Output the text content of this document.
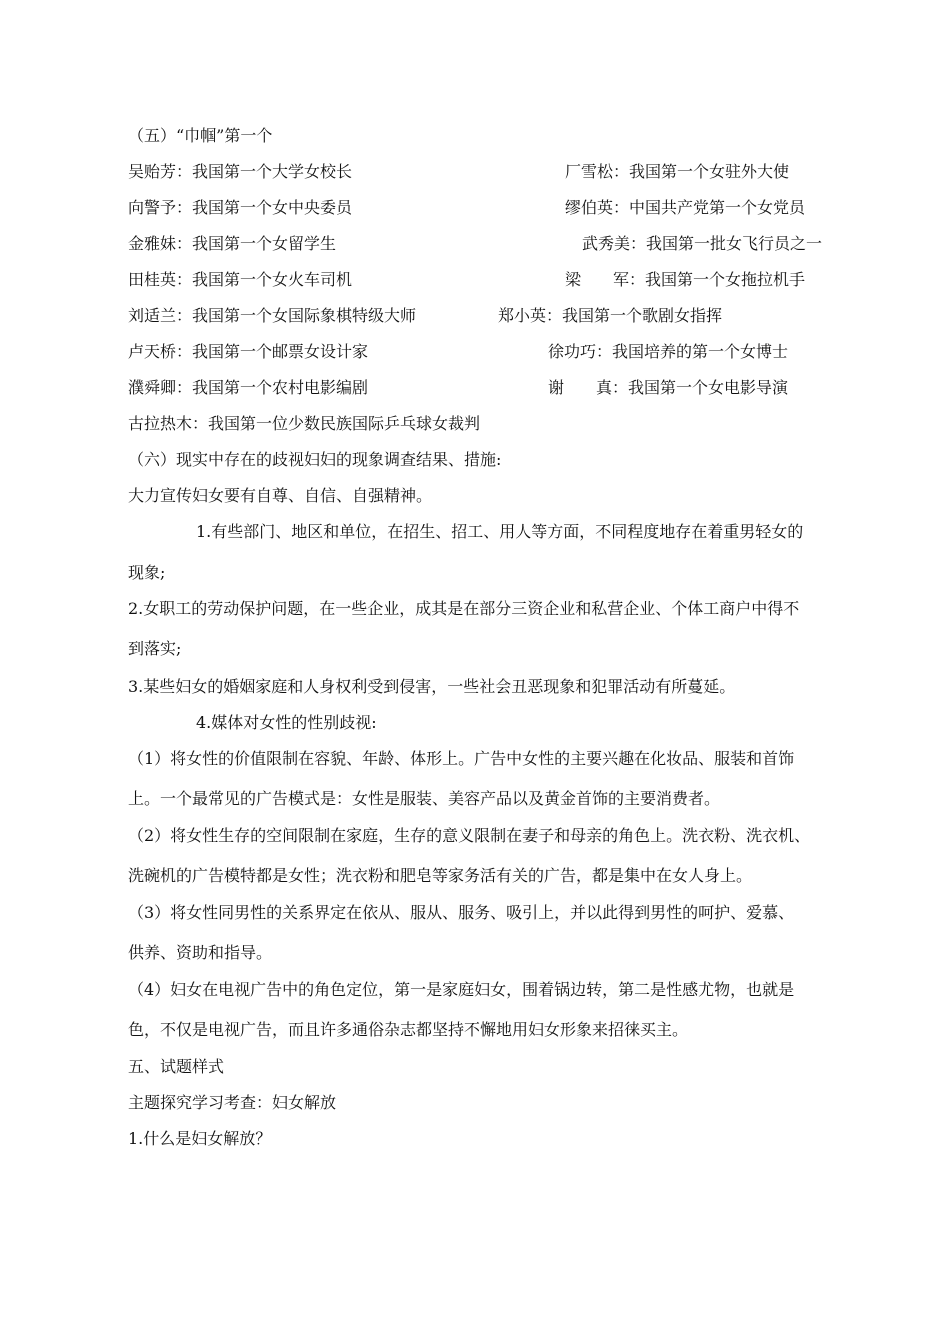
（五）“巾帼”第一个
吴贻芳：我国第一个大学女校长	厂雪松：我国第一个女驻外大使
向警予：我国第一个女中央委员	缪伯英：中国共产党第一个女党员
金雅妹：我国第一个女留学生	武秀美：我国第一批女飞行员之一
田桂英：我国第一个女火车司机	梁　　军：我国第一个女拖拉机手
刘适兰：我国第一个女国际象棋特级大师	郑小英：我国第一个歌剧女指挥
卢天桥：我国第一个邮票女设计家	徐功巧：我国培养的第一个女博士
濮舜卿：我国第一个农村电影编剧	谢　　真：我国第一个女电影导演
古拉热木：我国第一位少数民族国际乒乓球女裁判
（六）现实中存在的歧视妇妇的现象调查结果、措施:
大力宣传妇女要有自尊、自信、自强精神。
1.有些部门、地区和单位，在招生、招工、用人等方面，不同程度地存在着重男轻女的
现象;
2.女职工的劳动保护问题，在一些企业，成其是在部分三资企业和私营企业、个体工商户中得不
到落实;
3.某些妇女的婚姻家庭和人身权利受到侵害，一些社会丑恶现象和犯罪活动有所蔓延。
4.媒体对女性的性别歧视:
（1）将女性的价值限制在容貌、年龄、体形上。广告中女性的主要兴趣在化妆品、服装和首饰
上。一个最常见的广告模式是：女性是服装、美容产品以及黄金首饰的主要消费者。
（2）将女性生存的空间限制在家庭，生存的意义限制在妻子和母亲的角色上。洗衣粉、洗衣机、
洗碗机的广告模特都是女性；洗衣粉和肥皂等家务活有关的广告，都是集中在女人身上。
（3）将女性同男性的关系界定在依从、服从、服务、吸引上，并以此得到男性的呵护、爱慕、
供养、资助和指导。
（4）妇女在电视广告中的角色定位，第一是家庭妇女，围着锅边转，第二是性感尤物，也就是
色，不仅是电视广告，而且许多通俗杂志都坚持不懈地用妇女形象来招徕买主。
五、试题样式
主题探究学习考查：妇女解放
1.什么是妇女解放？
